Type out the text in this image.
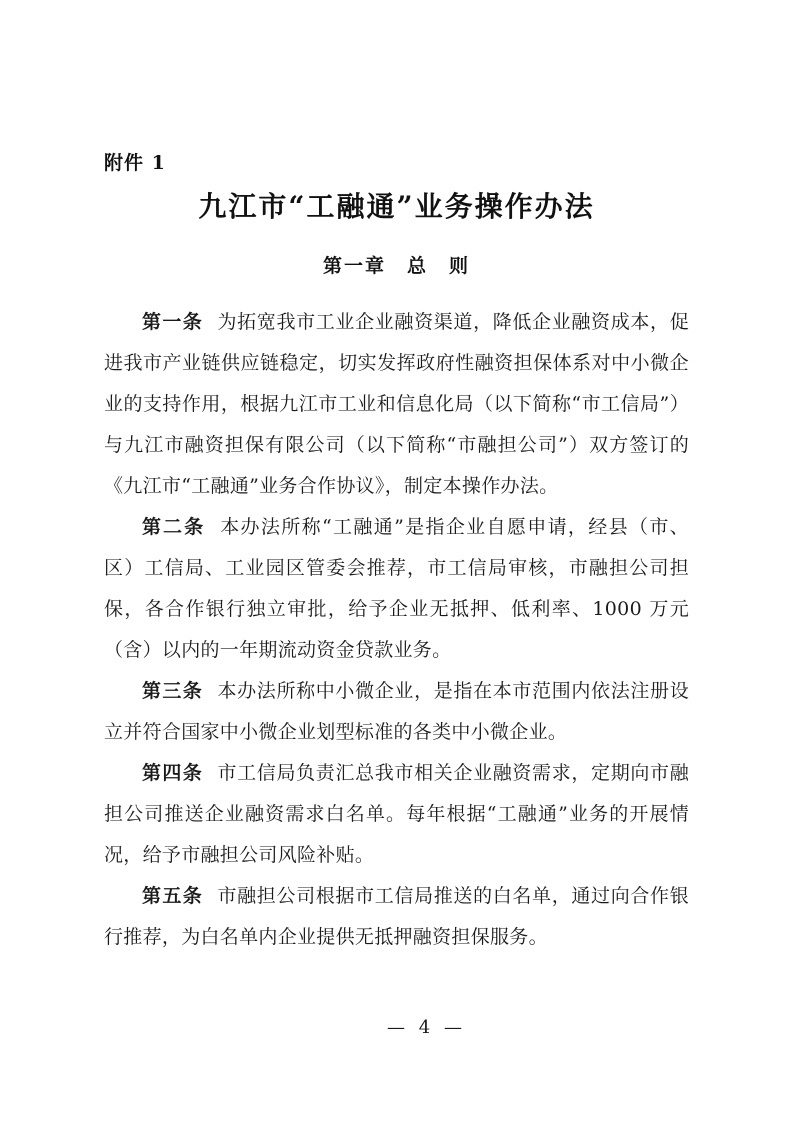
附件 1
九江市“工融通”业务操作办法
第一章　总　则

第一条 为拓宽我市工业企业融资渠道，降低企业融资成本，促进我市产业链供应链稳定，切实发挥政府性融资担保体系对中小微企业的支持作用，根据九江市工业和信息化局（以下简称“市工信局”）与九江市融资担保有限公司（以下简称“市融担公司”）双方签订的《九江市“工融通”业务合作协议》，制定本操作办法。

第二条 本办法所称“工融通”是指企业自愿申请，经县（市、区）工信局、工业园区管委会推荐，市工信局审核，市融担公司担保，各合作银行独立审批，给予企业无抵押、低利率、1000 万元（含）以内的一年期流动资金贷款业务。

第三条 本办法所称中小微企业，是指在本市范围内依法注册设立并符合国家中小微企业划型标准的各类中小微企业。

第四条 市工信局负责汇总我市相关企业融资需求，定期向市融担公司推送企业融资需求白名单。每年根据“工融通”业务的开展情况，给予市融担公司风险补贴。

第五条 市融担公司根据市工信局推送的白名单，通过向合作银行推荐，为白名单内企业提供无抵押融资担保服务。

— 4 —
